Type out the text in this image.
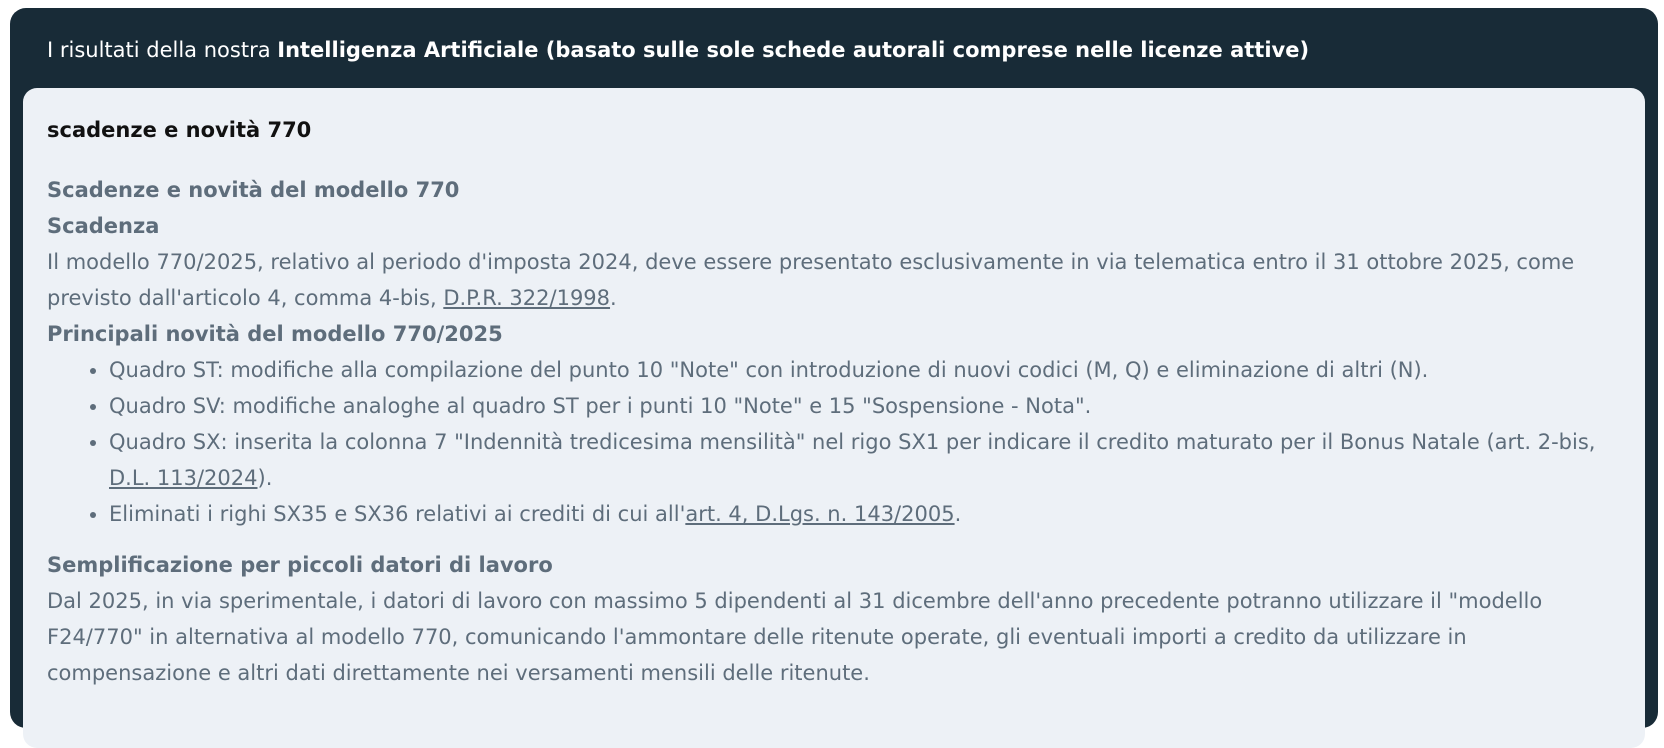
I risultati della nostra Intelligenza Artificiale (basato sulle sole schede autorali comprese nelle licenze attive)

scadenze e novità 770

Scadenze e novità del modello 770

Scadenza

Il modello 770/2025, relativo al periodo d'imposta 2024, deve essere presentato esclusivamente in via telematica entro il 31 ottobre 2025, come previsto dall'articolo 4, comma 4-bis, D.P.R. 322/1998.

Principali novità del modello 770/2025

• Quadro ST: modifiche alla compilazione del punto 10 "Note" con introduzione di nuovi codici (M, Q) e eliminazione di altri (N).
• Quadro SV: modifiche analoghe al quadro ST per i punti 10 "Note" e 15 "Sospensione - Nota".
• Quadro SX: inserita la colonna 7 "Indennità tredicesima mensilità" nel rigo SX1 per indicare il credito maturato per il Bonus Natale (art. 2-bis, D.L. 113/2024).
• Eliminati i righi SX35 e SX36 relativi ai crediti di cui all'art. 4, D.Lgs. n. 143/2005.

Semplificazione per piccoli datori di lavoro

Dal 2025, in via sperimentale, i datori di lavoro con massimo 5 dipendenti al 31 dicembre dell'anno precedente potranno utilizzare il "modello F24/770" in alternativa al modello 770, comunicando l'ammontare delle ritenute operate, gli eventuali importi a credito da utilizzare in compensazione e altri dati direttamente nei versamenti mensili delle ritenute.
